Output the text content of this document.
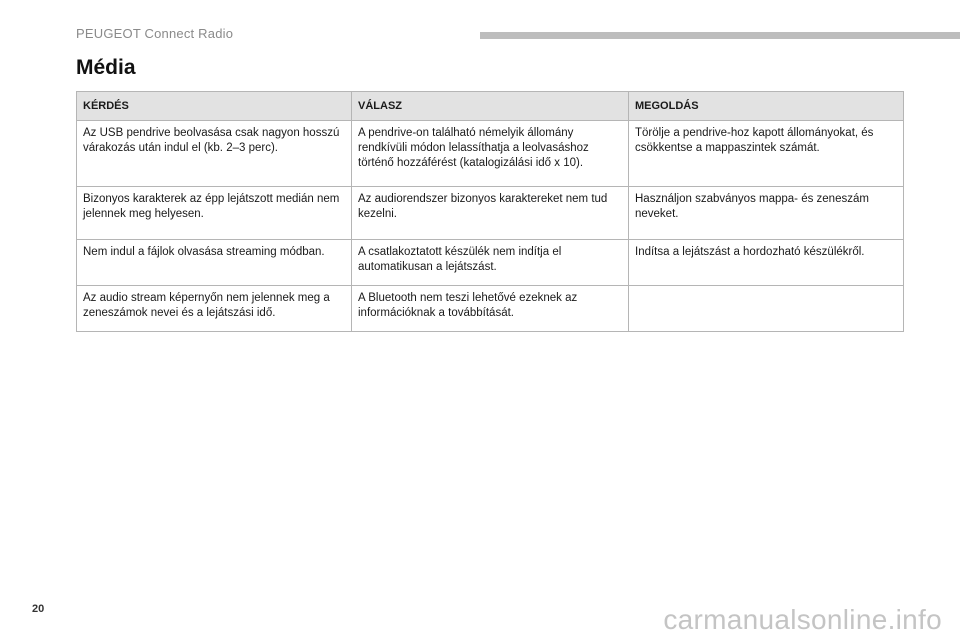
PEUGEOT Connect Radio
Média
KÉRDÉS	VÁLASZ	MEGOLDÁS
Az USB pendrive beolvasása csak nagyon hosszú várakozás után indul el (kb. 2–3 perc).	A pendrive-on található némelyik állomány rendkívüli módon lelassíthatja a leolvasáshoz történő hozzáférést (katalogizálási idő x 10).	Törölje a pendrive-hoz kapott állományokat, és csökkentse a mappaszintek számát.
Bizonyos karakterek az épp lejátszott medián nem jelennek meg helyesen.	Az audiorendszer bizonyos karaktereket nem tud kezelni.	Használjon szabványos mappa- és zeneszám neveket.
Nem indul a fájlok olvasása streaming módban.	A csatlakoztatott készülék nem indítja el automatikusan a lejátszást.	Indítsa a lejátszást a hordozható készülékről.
Az audio stream képernyőn nem jelennek meg a zeneszámok nevei és a lejátszási idő.	A Bluetooth nem teszi lehetővé ezeknek az információknak a továbbítását.	
20	carmanualsonline.info
